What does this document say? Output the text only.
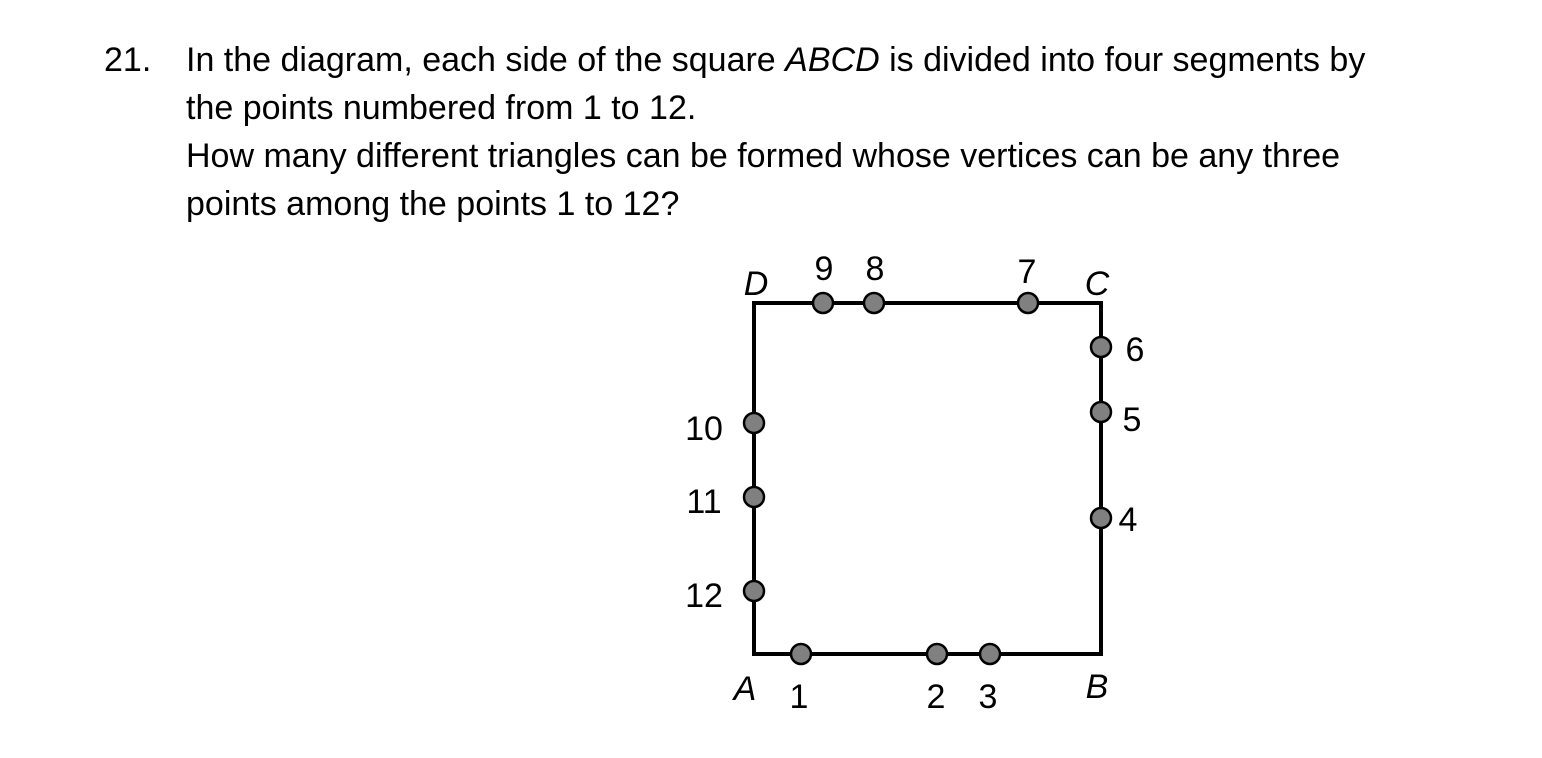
21. In the diagram, each side of the square ABCD is divided into four segments by
the points numbered from 1 to 12.
How many different triangles can be formed whose vertices can be any three
points among the points 1 to 12?
D	C
A	B
1	2 3
4
5
6
7
8
9
10
11
12
